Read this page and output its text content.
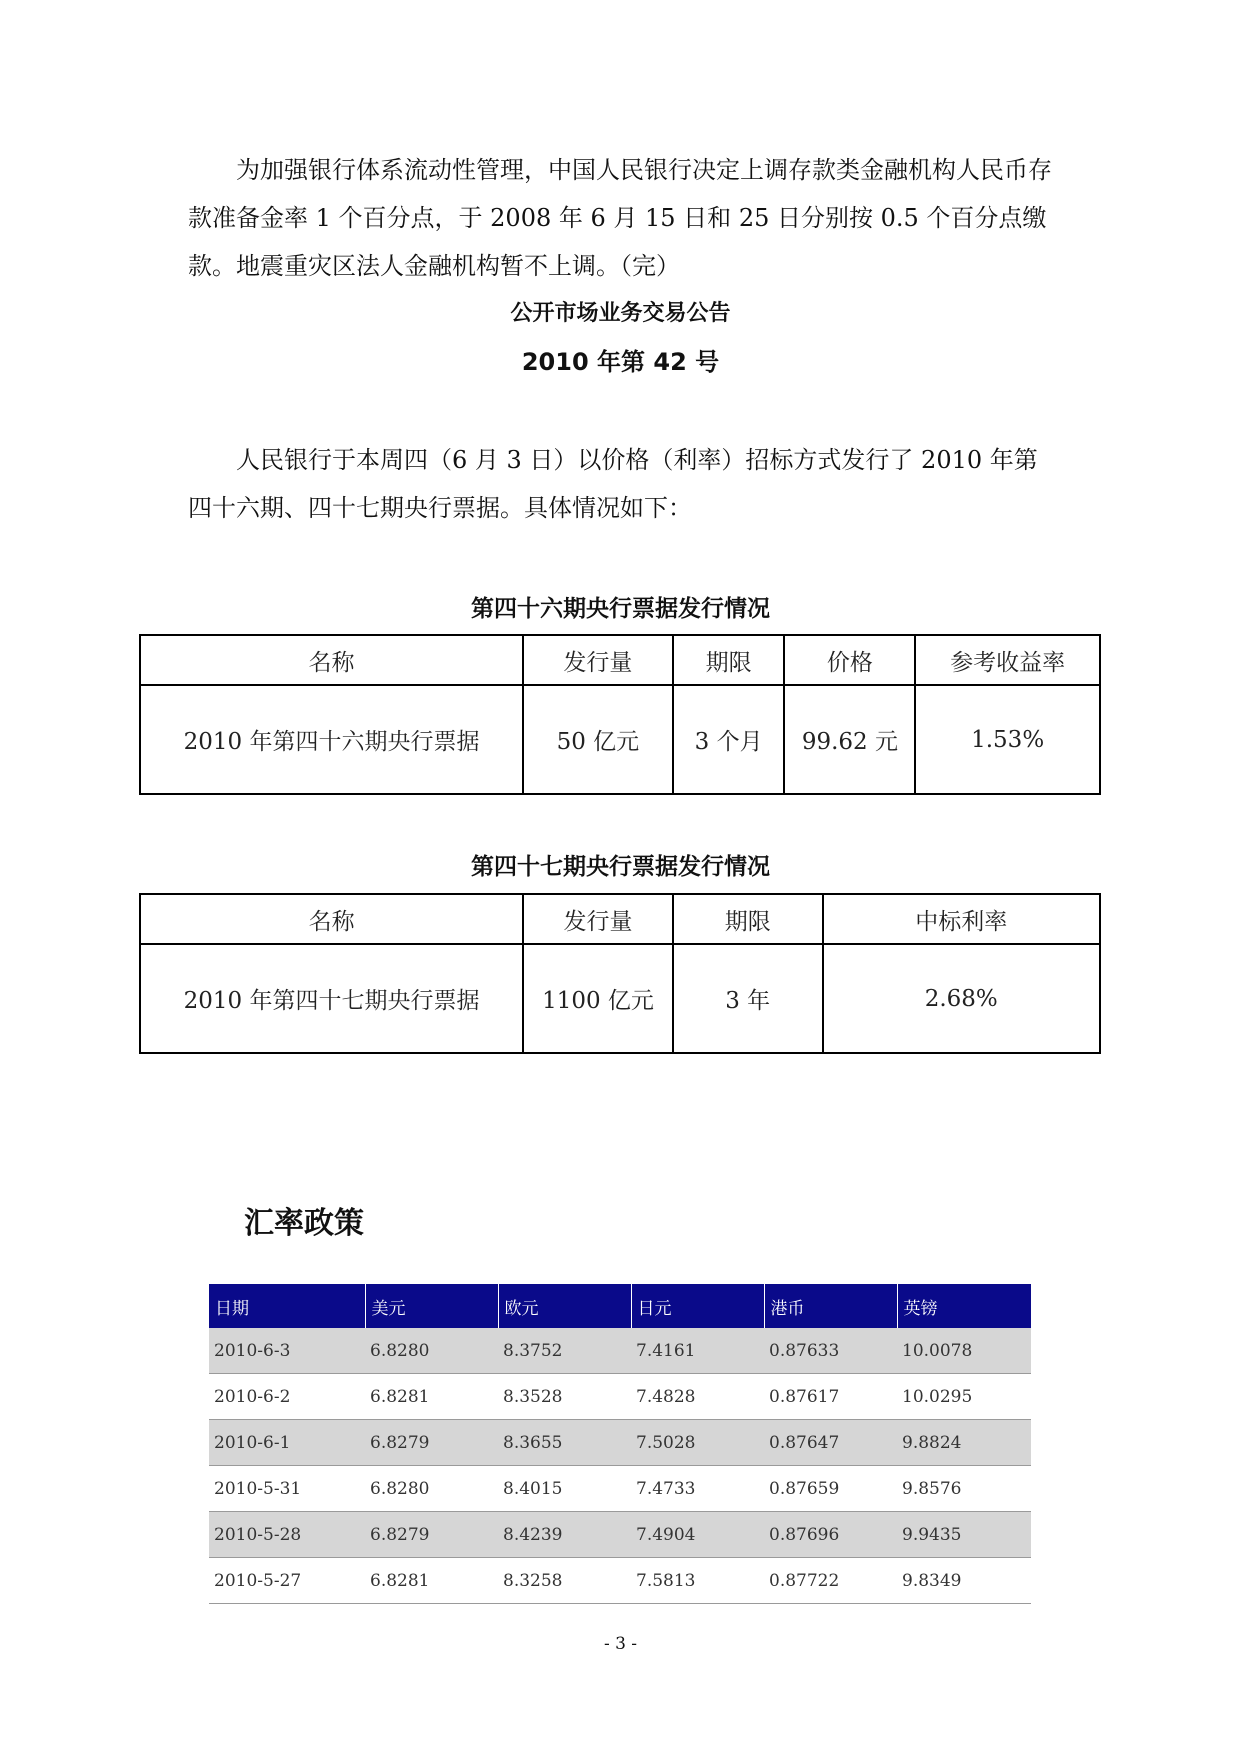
为加强银行体系流动性管理，中国人民银行决定上调存款类金融机构人民币存款准备金率 1 个百分点，于 2008 年 6 月 15 日和 25 日分别按 0.5 个百分点缴款。地震重灾区法人金融机构暂不上调。（完）

公开市场业务交易公告

2010 年第 42 号

人民银行于本周四（6 月 3 日）以价格（利率）招标方式发行了 2010 年第四十六期、四十七期央行票据。具体情况如下：

第四十六期央行票据发行情况

名称	发行量	期限	价格	参考收益率
2010 年第四十六期央行票据	50 亿元	3 个月	99.62 元	1.53%

第四十七期央行票据发行情况

名称	发行量	期限	中标利率
2010 年第四十七期央行票据	1100 亿元	3 年	2.68%
汇率政策
日期	美元	欧元	日元	港币	英镑
2010-6-3	6.8280	8.3752	7.4161	0.87633	10.0078
2010-6-2	6.8281	8.3528	7.4828	0.87617	10.0295
2010-6-1	6.8279	8.3655	7.5028	0.87647	9.8824
2010-5-31	6.8280	8.4015	7.4733	0.87659	9.8576
2010-5-28	6.8279	8.4239	7.4904	0.87696	9.9435
2010-5-27	6.8281	8.3258	7.5813	0.87722	9.8349

- 3 -
